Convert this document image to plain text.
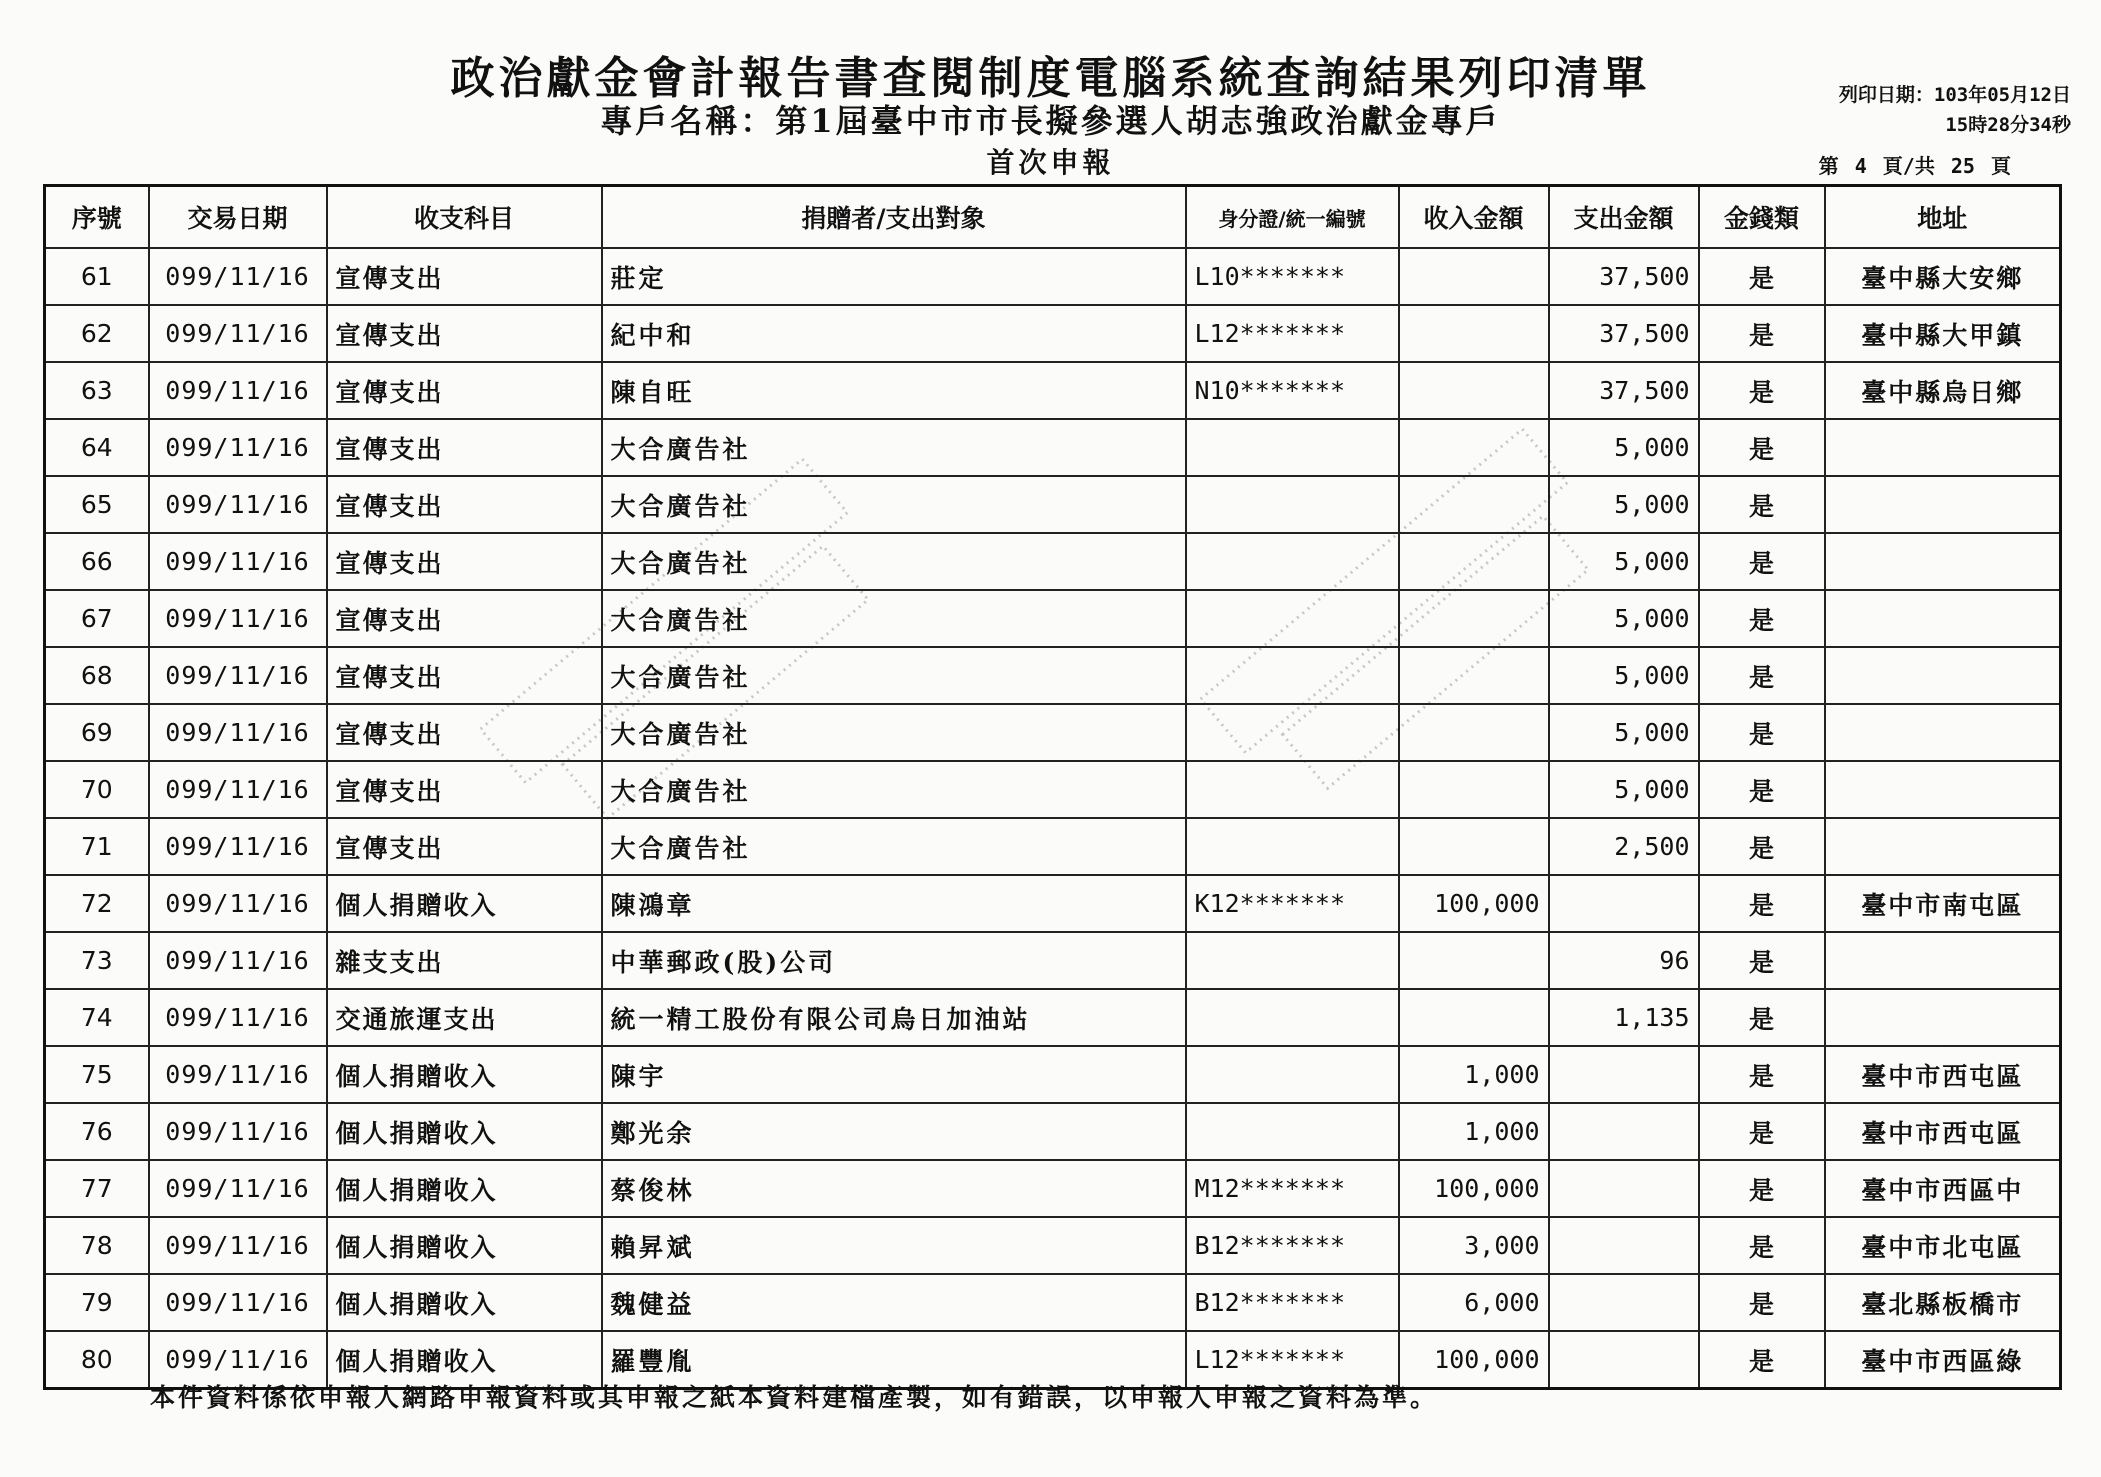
政治獻金會計報告書查閱制度電腦系統查詢結果列印清單
專戶名稱：第1屆臺中市市長擬參選人胡志強政治獻金專戶
首次申報
列印日期：103年05月12日
15時28分34秒
第 4 頁/共 25 頁
序號	交易日期	收支科目	捐贈者/支出對象	身分證/統一編號	收入金額	支出金額	金錢類	地址
61	099/11/16	宣傳支出	莊定	L10*******		37,500	是	臺中縣大安鄉
62	099/11/16	宣傳支出	紀中和	L12*******		37,500	是	臺中縣大甲鎮
63	099/11/16	宣傳支出	陳自旺	N10*******		37,500	是	臺中縣烏日鄉
64	099/11/16	宣傳支出	大合廣告社			5,000	是	
65	099/11/16	宣傳支出	大合廣告社			5,000	是	
66	099/11/16	宣傳支出	大合廣告社			5,000	是	
67	099/11/16	宣傳支出	大合廣告社			5,000	是	
68	099/11/16	宣傳支出	大合廣告社			5,000	是	
69	099/11/16	宣傳支出	大合廣告社			5,000	是	
70	099/11/16	宣傳支出	大合廣告社			5,000	是	
71	099/11/16	宣傳支出	大合廣告社			2,500	是	
72	099/11/16	個人捐贈收入	陳鴻章	K12*******	100,000		是	臺中市南屯區
73	099/11/16	雜支支出	中華郵政(股)公司			96	是	
74	099/11/16	交通旅運支出	統一精工股份有限公司烏日加油站			1,135	是	
75	099/11/16	個人捐贈收入	陳宇		1,000		是	臺中市西屯區
76	099/11/16	個人捐贈收入	鄭光余		1,000		是	臺中市西屯區
77	099/11/16	個人捐贈收入	蔡俊林	M12*******	100,000		是	臺中市西區中
78	099/11/16	個人捐贈收入	賴昇斌	B12*******	3,000		是	臺中市北屯區
79	099/11/16	個人捐贈收入	魏健益	B12*******	6,000		是	臺北縣板橋市
80	099/11/16	個人捐贈收入	羅豐胤	L12*******	100,000		是	臺中市西區綠
本件資料係依申報人網路申報資料或其申報之紙本資料建檔產製，如有錯誤，以申報人申報之資料為準。
